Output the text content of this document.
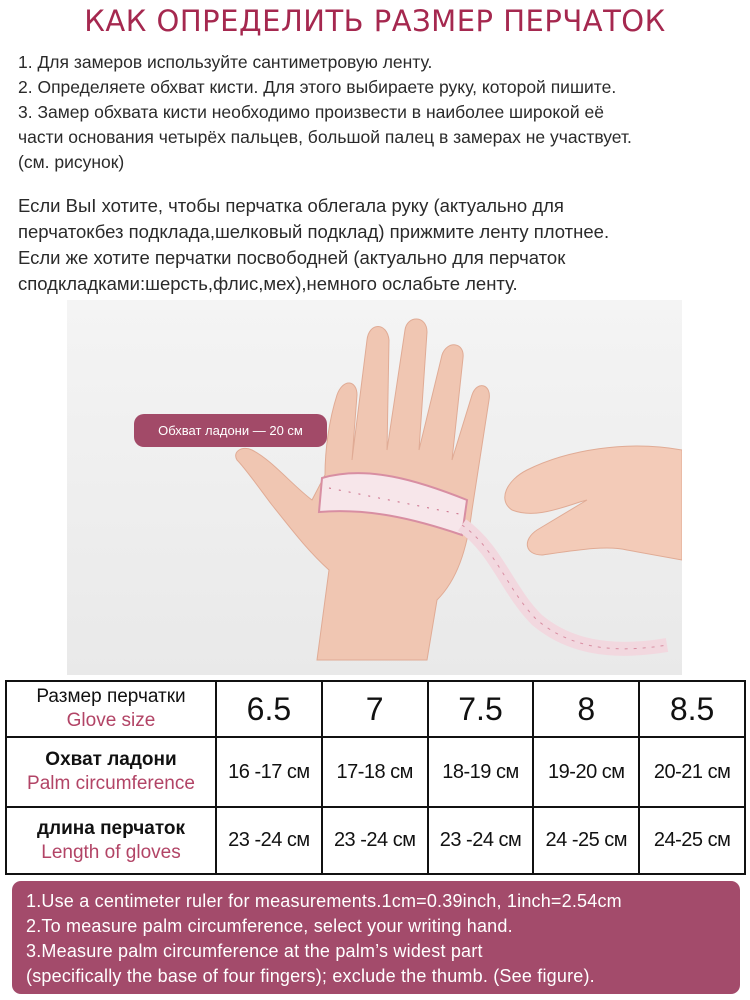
КАК ОПРЕДЕЛИТЬ РАЗМЕР ПЕРЧАТОК

1. Для замеров используйте сантиметровую ленту.

2. Определяете обхват кисти. Для этого выбираете руку, которой пишите.

3. Замер обхвата кисти необходимо произвести в наиболее широкой её

части основания четырёх пальцев, большой палец в замерах не участвует.

(см. рисунок)

Если ВыI хотите, чтобы перчатка облегала руку (актуально для

перчатокбез подклада,шелковый подклад) прижмите ленту плотнее.

Если же хотите перчатки посвободней (актуально для перчаток

сподкладками:шерсть,флис,мех),немного ослабьте ленту.

Обхват ладони — 20 см
Размер перчатки
Glove size	6.5	7	7.5	8	8.5

Охват ладони
Palm circumference	16 -17 см	17-18 см	18-19 см	19-20 см	20-21 см

длина перчаток
Length of gloves	23 -24 см	23 -24 см	23 -24 см	24 -25 см	24-25 см

1.Use a centimeter ruler for measurements.1cm=0.39inch, 1inch=2.54cm

2.To measure palm circumference, select your writing hand.

3.Measure palm circumference at the palm’s widest part

(specifically the base of four fingers); exclude the thumb. (See figure).
